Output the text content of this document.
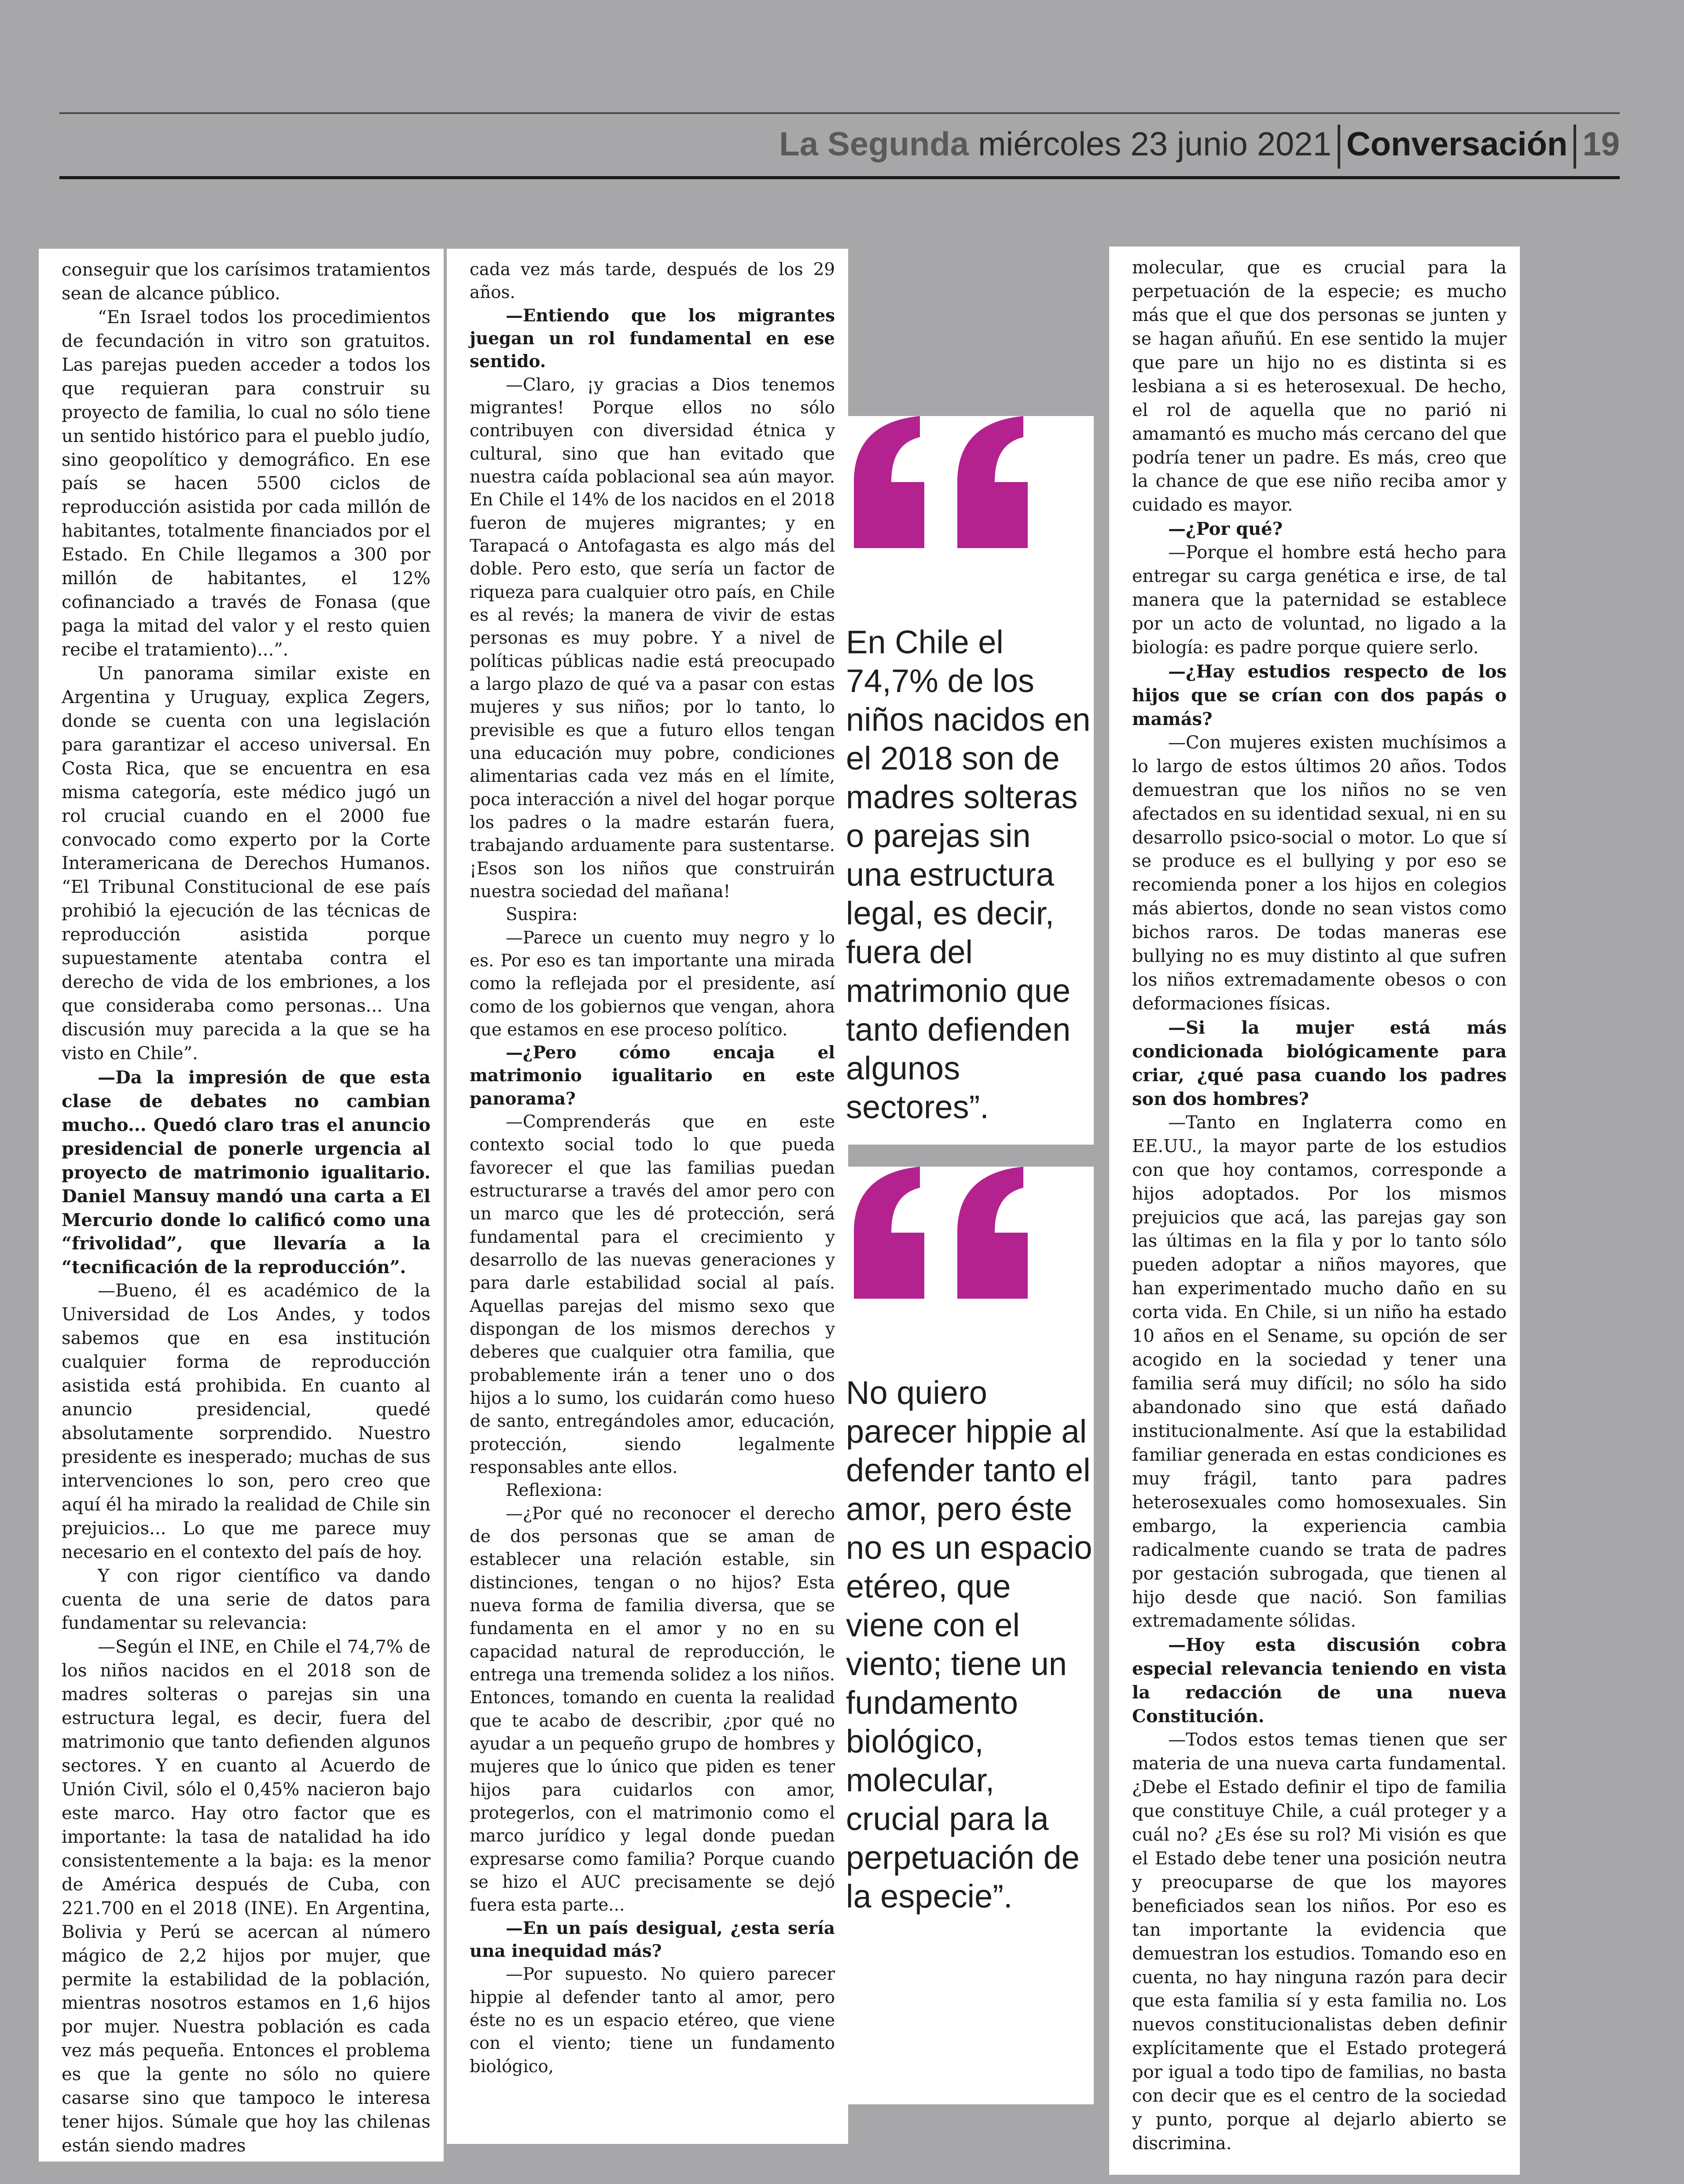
La Segunda miércoles 23 junio 2021 Conversación 19

conseguir que los carísimos tratamientos sean de alcance público.

“En Israel todos los procedimientos de fecundación in vitro son gratuitos. Las parejas pueden acceder a todos los que requieran para construir su proyecto de familia, lo cual no sólo tiene un sentido histórico para el pueblo judío, sino geopolítico y demográfico. En ese país se hacen 5500 ciclos de reproducción asistida por cada millón de habitantes, totalmente financiados por el Estado. En Chile llegamos a 300 por millón de habitantes, el 12% cofinanciado a través de Fonasa (que paga la mitad del valor y el resto quien recibe el tratamiento)...”.

Un panorama similar existe en Argentina y Uruguay, explica Zegers, donde se cuenta con una legislación para garantizar el acceso universal. En Costa Rica, que se encuentra en esa misma categoría, este médico jugó un rol crucial cuando en el 2000 fue convocado como experto por la Corte Interamericana de Derechos Humanos. “El Tribunal Constitucional de ese país prohibió la ejecución de las técnicas de reproducción asistida porque supuestamente atentaba contra el derecho de vida de los embriones, a los que consideraba como personas... Una discusión muy parecida a la que se ha visto en Chile”.

—Da la impresión de que esta clase de debates no cambian mucho... Quedó claro tras el anuncio presidencial de ponerle urgencia al proyecto de matrimonio igualitario. Daniel Mansuy mandó una carta a El Mercurio donde lo calificó como una “frivolidad”, que llevaría a la “tecnificación de la reproducción”.

—Bueno, él es académico de la Universidad de Los Andes, y todos sabemos que en esa institución cualquier forma de reproducción asistida está prohibida. En cuanto al anuncio presidencial, quedé absolutamente sorprendido. Nuestro presidente es inesperado; muchas de sus intervenciones lo son, pero creo que aquí él ha mirado la realidad de Chile sin prejuicios... Lo que me parece muy necesario en el contexto del país de hoy.

Y con rigor científico va dando cuenta de una serie de datos para fundamentar su relevancia:

—Según el INE, en Chile el 74,7% de los niños nacidos en el 2018 son de madres solteras o parejas sin una estructura legal, es decir, fuera del matrimonio que tanto defienden algunos sectores. Y en cuanto al Acuerdo de Unión Civil, sólo el 0,45% nacieron bajo este marco. Hay otro factor que es importante: la tasa de natalidad ha ido consistentemente a la baja: es la menor de América después de Cuba, con 221.700 en el 2018 (INE). En Argentina, Bolivia y Perú se acercan al número mágico de 2,2 hijos por mujer, que permite la estabilidad de la población, mientras nosotros estamos en 1,6 hijos por mujer. Nuestra población es cada vez más pequeña. Entonces el problema es que la gente no sólo no quiere casarse sino que tampoco le interesa tener hijos. Súmale que hoy las chilenas están siendo madres

cada vez más tarde, después de los 29 años.

—Entiendo que los migrantes juegan un rol fundamental en ese sentido.

—Claro, ¡y gracias a Dios tenemos migrantes! Porque ellos no sólo contribuyen con diversidad étnica y cultural, sino que han evitado que nuestra caída poblacional sea aún mayor. En Chile el 14% de los nacidos en el 2018 fueron de mujeres migrantes; y en Tarapacá o Antofagasta es algo más del doble. Pero esto, que sería un factor de riqueza para cualquier otro país, en Chile es al revés; la manera de vivir de estas personas es muy pobre. Y a nivel de políticas públicas nadie está preocupado a largo plazo de qué va a pasar con estas mujeres y sus niños; por lo tanto, lo previsible es que a futuro ellos tengan una educación muy pobre, condiciones alimentarias cada vez más en el límite, poca interacción a nivel del hogar porque los padres o la madre estarán fuera, trabajando arduamente para sustentarse. ¡Esos son los niños que construirán nuestra sociedad del mañana!

Suspira:

—Parece un cuento muy negro y lo es. Por eso es tan importante una mirada como la reflejada por el presidente, así como de los gobiernos que vengan, ahora que estamos en ese proceso político.

—¿Pero cómo encaja el matrimonio igualitario en este panorama?

—Comprenderás que en este contexto social todo lo que pueda favorecer el que las familias puedan estructurarse a través del amor pero con un marco que les dé protección, será fundamental para el crecimiento y desarrollo de las nuevas generaciones y para darle estabilidad social al país. Aquellas parejas del mismo sexo que dispongan de los mismos derechos y deberes que cualquier otra familia, que probablemente irán a tener uno o dos hijos a lo sumo, los cuidarán como hueso de santo, entregándoles amor, educación, protección, siendo legalmente responsables ante ellos.

Reflexiona:

—¿Por qué no reconocer el derecho de dos personas que se aman de establecer una relación estable, sin distinciones, tengan o no hijos? Esta nueva forma de familia diversa, que se fundamenta en el amor y no en su capacidad natural de reproducción, le entrega una tremenda solidez a los niños. Entonces, tomando en cuenta la realidad que te acabo de describir, ¿por qué no ayudar a un pequeño grupo de hombres y mujeres que lo único que piden es tener hijos para cuidarlos con amor, protegerlos, con el matrimonio como el marco jurídico y legal donde puedan expresarse como familia? Porque cuando se hizo el AUC precisamente se dejó fuera esta parte...

—En un país desigual, ¿esta sería una inequidad más?

—Por supuesto. No quiero parecer hippie al defender tanto al amor, pero éste no es un espacio etéreo, que viene con el viento; tiene un fundamento biológico,

molecular, que es crucial para la perpetuación de la especie; es mucho más que el que dos personas se junten y se hagan añuñú. En ese sentido la mujer que pare un hijo no es distinta si es lesbiana a si es heterosexual. De hecho, el rol de aquella que no parió ni amamantó es mucho más cercano del que podría tener un padre. Es más, creo que la chance de que ese niño reciba amor y cuidado es mayor.

—¿Por qué?

—Porque el hombre está hecho para entregar su carga genética e irse, de tal manera que la paternidad se establece por un acto de voluntad, no ligado a la biología: es padre porque quiere serlo.

—¿Hay estudios respecto de los hijos que se crían con dos papás o mamás?

—Con mujeres existen muchísimos a lo largo de estos últimos 20 años. Todos demuestran que los niños no se ven afectados en su identidad sexual, ni en su desarrollo psico-social o motor. Lo que sí se produce es el bullying y por eso se recomienda poner a los hijos en colegios más abiertos, donde no sean vistos como bichos raros. De todas maneras ese bullying no es muy distinto al que sufren los niños extremadamente obesos o con deformaciones físicas.

—Si la mujer está más condicionada biológicamente para criar, ¿qué pasa cuando los padres son dos hombres?

—Tanto en Inglaterra como en EE.UU., la mayor parte de los estudios con que hoy contamos, corresponde a hijos adoptados. Por los mismos prejuicios que acá, las parejas gay son las últimas en la fila y por lo tanto sólo pueden adoptar a niños mayores, que han experimentado mucho daño en su corta vida. En Chile, si un niño ha estado 10 años en el Sename, su opción de ser acogido en la sociedad y tener una familia será muy difícil; no sólo ha sido abandonado sino que está dañado institucionalmente. Así que la estabilidad familiar generada en estas condiciones es muy frágil, tanto para padres heterosexuales como homosexuales. Sin embargo, la experiencia cambia radicalmente cuando se trata de padres por gestación subrogada, que tienen al hijo desde que nació. Son familias extremadamente sólidas.

—Hoy esta discusión cobra especial relevancia teniendo en vista la redacción de una nueva Constitución.

—Todos estos temas tienen que ser materia de una nueva carta fundamental. ¿Debe el Estado definir el tipo de familia que constituye Chile, a cuál proteger y a cuál no? ¿Es ése su rol? Mi visión es que el Estado debe tener una posición neutra y preocuparse de que los mayores beneficiados sean los niños. Por eso es tan importante la evidencia que demuestran los estudios. Tomando eso en cuenta, no hay ninguna razón para decir que esta familia sí y esta familia no. Los nuevos constitucionalistas deben definir explícitamente que el Estado protegerá por igual a todo tipo de familias, no basta con decir que es el centro de la sociedad y punto, porque al dejarlo abierto se discrimina.

En Chile el 74,7% de los niños nacidos en el 2018 son de madres solteras o parejas sin una estructura legal, es decir, fuera del matrimonio que tanto defienden algunos sectores”.

No quiero parecer hippie al defender tanto el amor, pero éste no es un espacio etéreo, que viene con el viento; tiene un fundamento biológico, molecular, crucial para la perpetuación de la especie”.
